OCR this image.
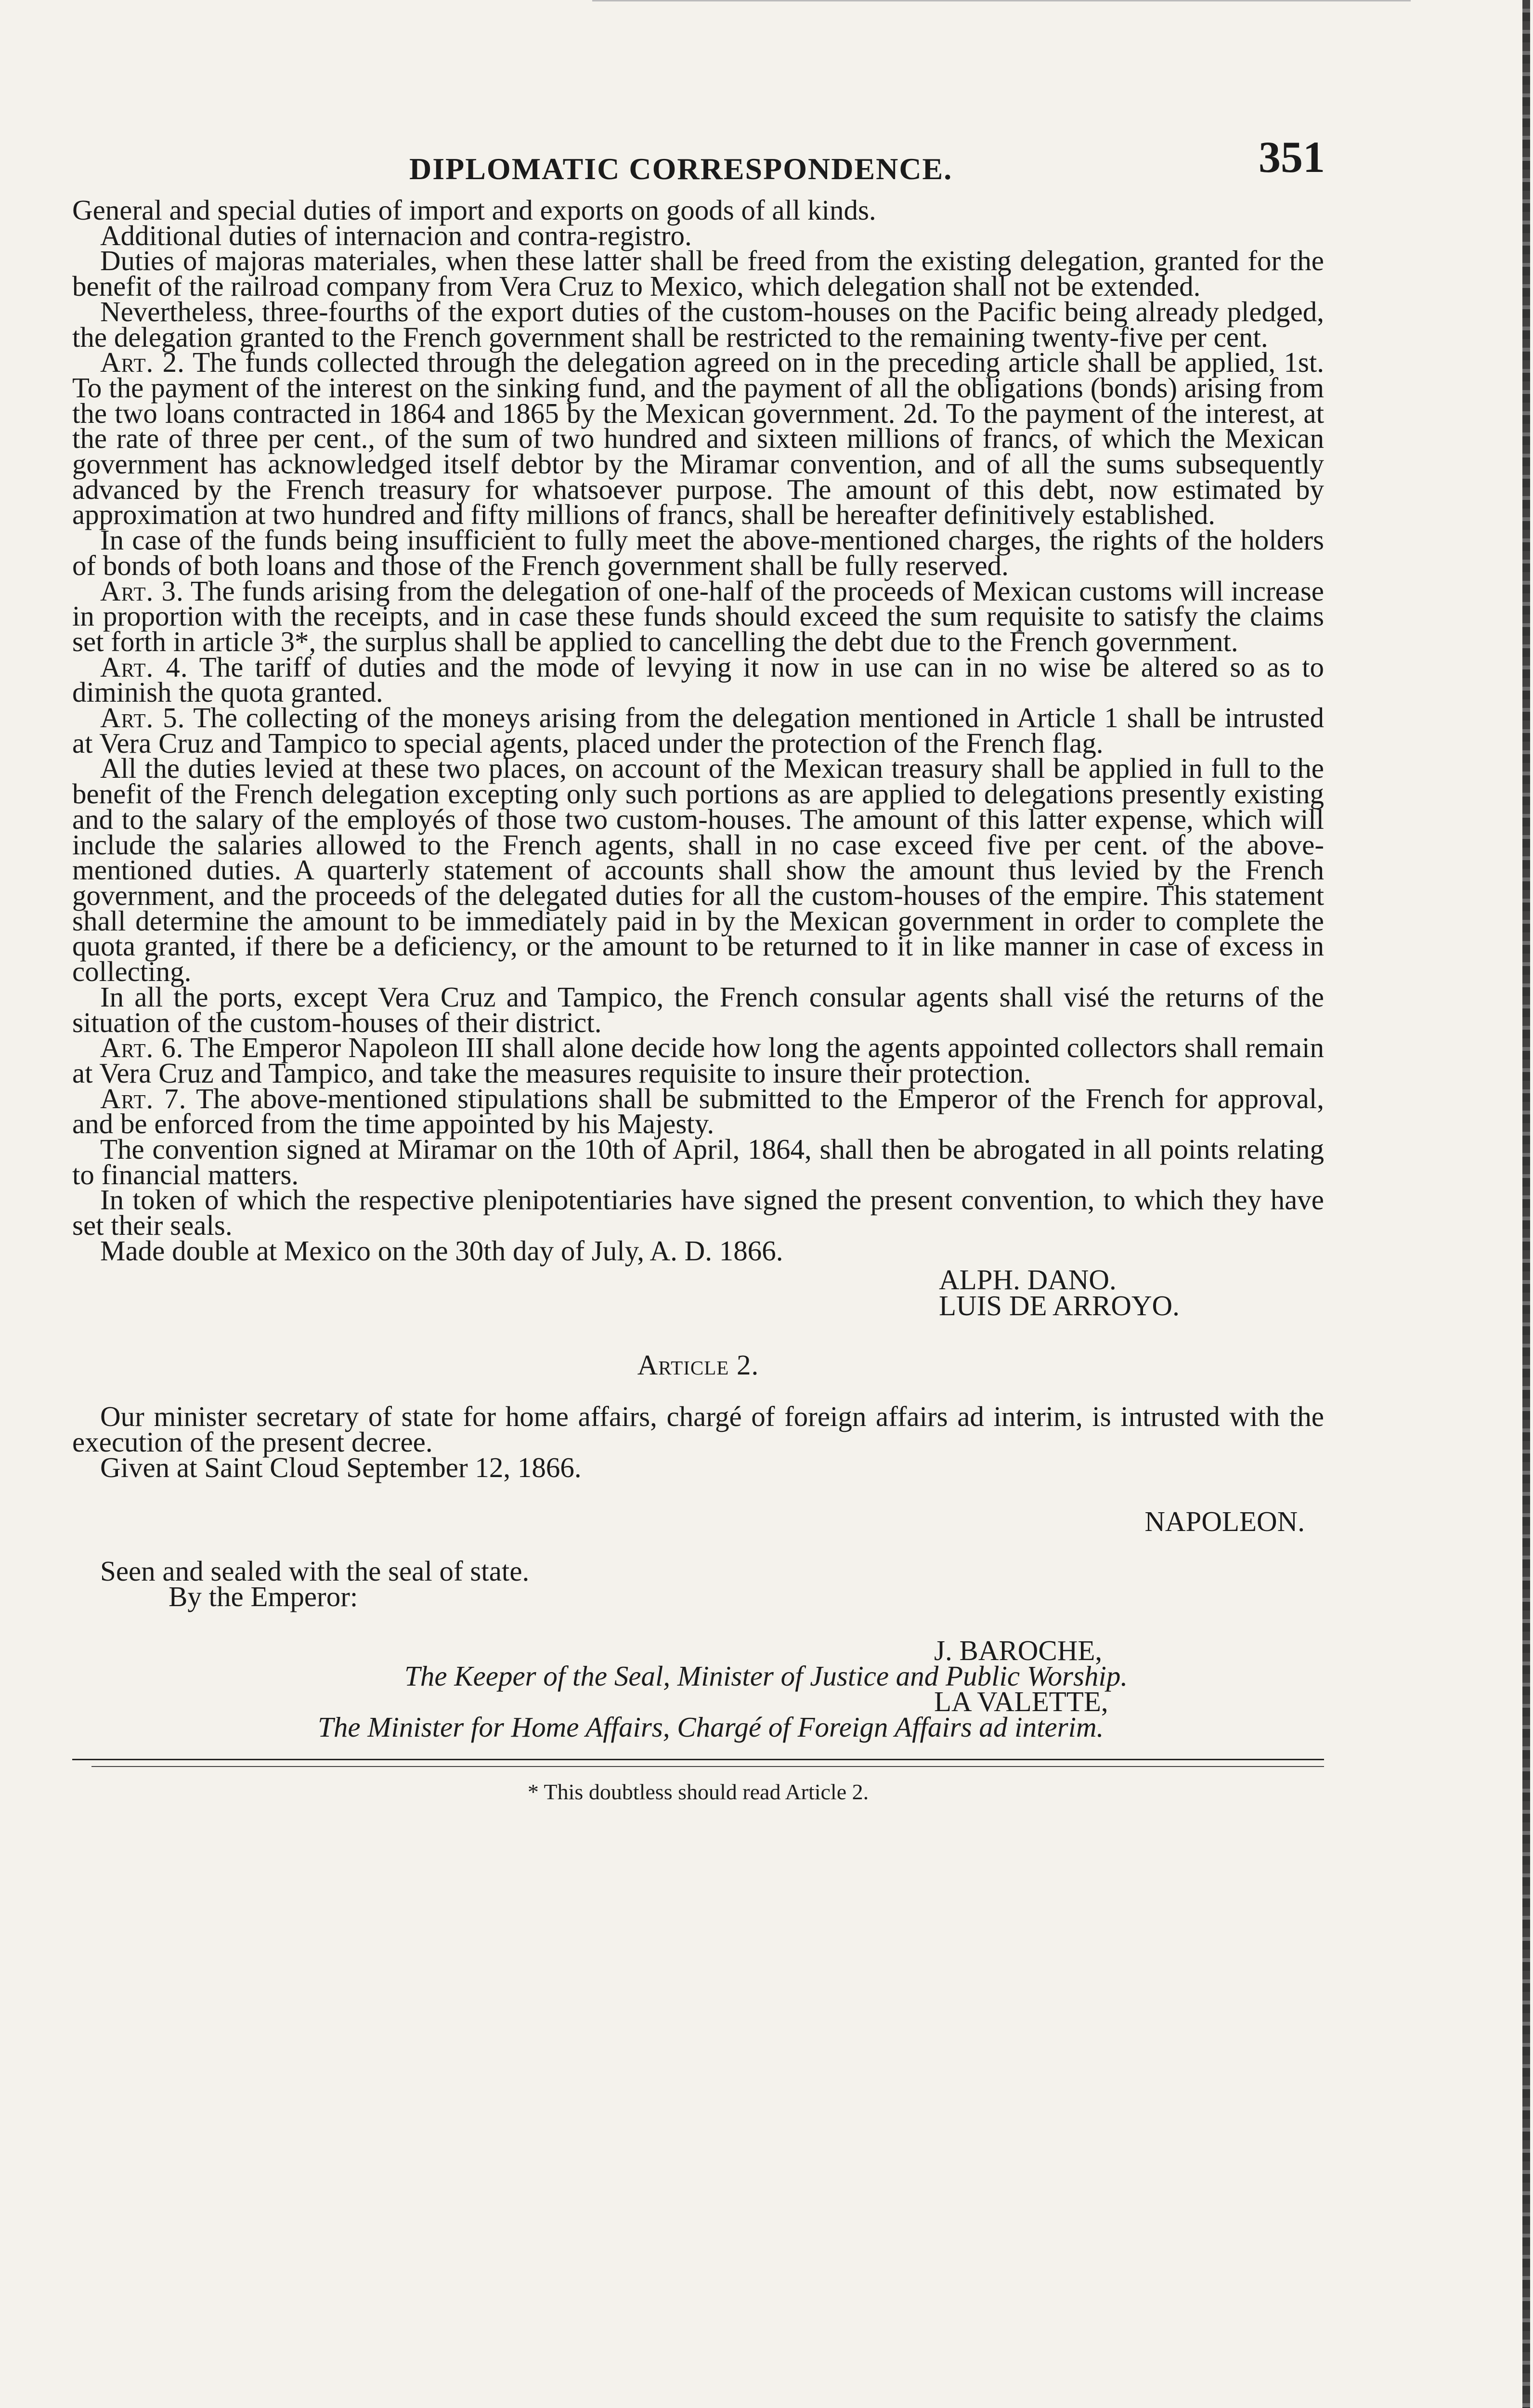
DIPLOMATIC CORRESPONDENCE.	351

General and special duties of import and exports on goods of all kinds.

Additional duties of internacion and contra-registro.

Duties of majoras materiales, when these latter shall be freed from the existing delegation, granted for the benefit of the railroad company from Vera Cruz to Mexico, which delegation shall not be extended.

Nevertheless, three-fourths of the export duties of the custom-houses on the Pacific being already pledged, the delegation granted to the French government shall be restricted to the remaining twenty-five per cent.

Art. 2. The funds collected through the delegation agreed on in the preceding article shall be applied, 1st. To the payment of the interest on the sinking fund, and the payment of all the obligations (bonds) arising from the two loans contracted in 1864 and 1865 by the Mexican government. 2d. To the payment of the interest, at the rate of three per cent., of the sum of two hundred and sixteen millions of francs, of which the Mexican government has acknowledged itself debtor by the Miramar convention, and of all the sums subsequently advanced by the French treasury for whatsoever purpose. The amount of this debt, now estimated by approximation at two hundred and fifty millions of francs, shall be hereafter definitively established.

In case of the funds being insufficient to fully meet the above-mentioned charges, the rights of the holders of bonds of both loans and those of the French government shall be fully reserved.

Art. 3. The funds arising from the delegation of one-half of the proceeds of Mexican customs will increase in proportion with the receipts, and in case these funds should exceed the sum requisite to satisfy the claims set forth in article 3*, the surplus shall be applied to cancelling the debt due to the French government.

Art. 4. The tariff of duties and the mode of levying it now in use can in no wise be altered so as to diminish the quota granted.

Art. 5. The collecting of the moneys arising from the delegation mentioned in Article 1 shall be intrusted at Vera Cruz and Tampico to special agents, placed under the protection of the French flag.

All the duties levied at these two places, on account of the Mexican treasury shall be applied in full to the benefit of the French delegation excepting only such portions as are applied to delegations presently existing and to the salary of the employés of those two custom-houses. The amount of this latter expense, which will include the salaries allowed to the French agents, shall in no case exceed five per cent. of the above-mentioned duties. A quarterly statement of accounts shall show the amount thus levied by the French government, and the proceeds of the delegated duties for all the custom-houses of the empire. This statement shall determine the amount to be immediately paid in by the Mexican government in order to complete the quota granted, if there be a deficiency, or the amount to be returned to it in like manner in case of excess in collecting.

In all the ports, except Vera Cruz and Tampico, the French consular agents shall visé the returns of the situation of the custom-houses of their district.

Art. 6. The Emperor Napoleon III shall alone decide how long the agents appointed collectors shall remain at Vera Cruz and Tampico, and take the measures requisite to insure their protection.

Art. 7. The above-mentioned stipulations shall be submitted to the Emperor of the French for approval, and be enforced from the time appointed by his Majesty.

The convention signed at Miramar on the 10th of April, 1864, shall then be abrogated in all points relating to financial matters.

In token of which the respective plenipotentiaries have signed the present convention, to which they have set their seals.

Made double at Mexico on the 30th day of July, A. D. 1866.

ALPH. DANO.
LUIS DE ARROYO.
Article 2.

Our minister secretary of state for home affairs, chargé of foreign affairs ad interim, is intrusted with the execution of the present decree.

Given at Saint Cloud September 12, 1866.

NAPOLEON.

Seen and sealed with the seal of state.

By the Emperor:

J. BAROCHE,

The Keeper of the Seal, Minister of Justice and Public Worship.

LA VALETTE,

The Minister for Home Affairs, Chargé of Foreign Affairs ad interim.

* This doubtless should read Article 2.
